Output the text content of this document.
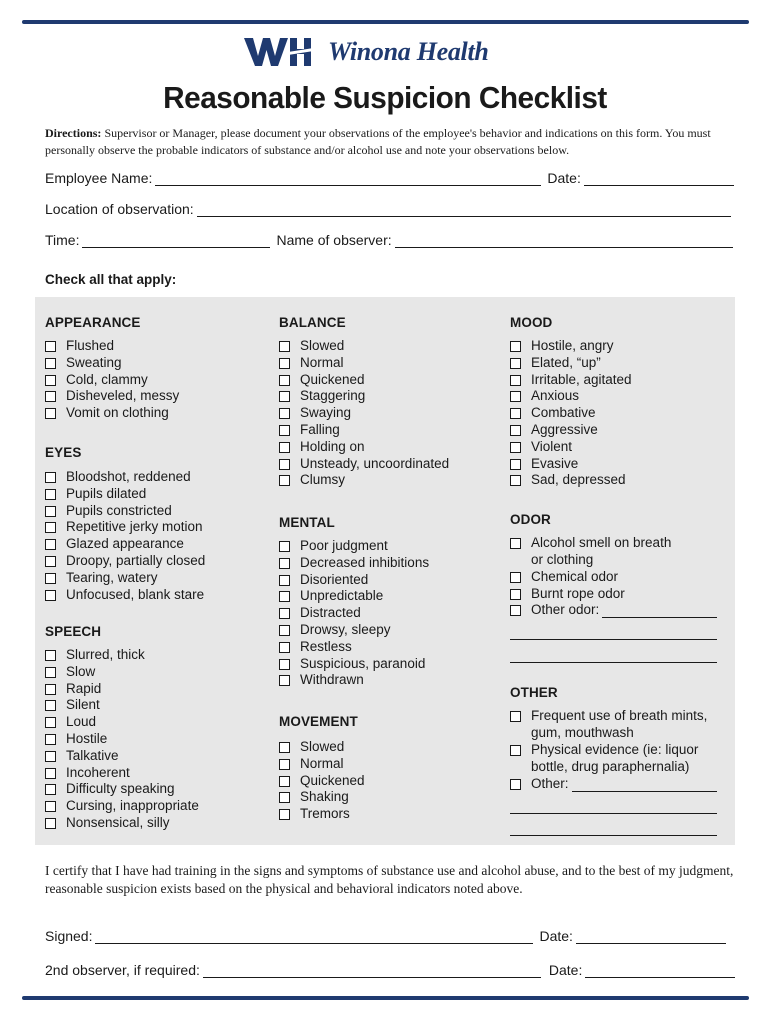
Winona Health
Reasonable Suspicion Checklist
Directions: Supervisor or Manager, please document your observations of the employee's behavior and indications on this form. You must personally observe the probable indicators of substance and/or alcohol use and note your observations below.
Employee Name:	Date:
Location of observation:
Time:	Name of observer:
Check all that apply:
APPEARANCE
Flushed
Sweating
Cold, clammy
Disheveled, messy
Vomit on clothing
EYES
Bloodshot, reddened
Pupils dilated
Pupils constricted
Repetitive jerky motion
Glazed appearance
Droopy, partially closed
Tearing, watery
Unfocused, blank stare
SPEECH
Slurred, thick
Slow
Rapid
Silent
Loud
Hostile
Talkative
Incoherent
Difficulty speaking
Cursing, inappropriate
Nonsensical, silly
BALANCE
Slowed
Normal
Quickened
Staggering
Swaying
Falling
Holding on
Unsteady, uncoordinated
Clumsy
MENTAL
Poor judgment
Decreased inhibitions
Disoriented
Unpredictable
Distracted
Drowsy, sleepy
Restless
Suspicious, paranoid
Withdrawn
MOVEMENT
Slowed
Normal
Quickened
Shaking
Tremors
MOOD
Hostile, angry
Elated, “up”
Irritable, agitated
Anxious
Combative
Aggressive
Violent
Evasive
Sad, depressed
ODOR
Alcohol smell on breath
or clothing
Chemical odor
Burnt rope odor
Other odor:
OTHER
Frequent use of breath mints,
gum, mouthwash
Physical evidence (ie: liquor
bottle, drug paraphernalia)
Other:
I certify that I have had training in the signs and symptoms of substance use and alcohol abuse, and to the best of my judgment, reasonable suspicion exists based on the physical and behavioral indicators noted above.
Signed:	Date:
2nd observer, if required:	Date:
